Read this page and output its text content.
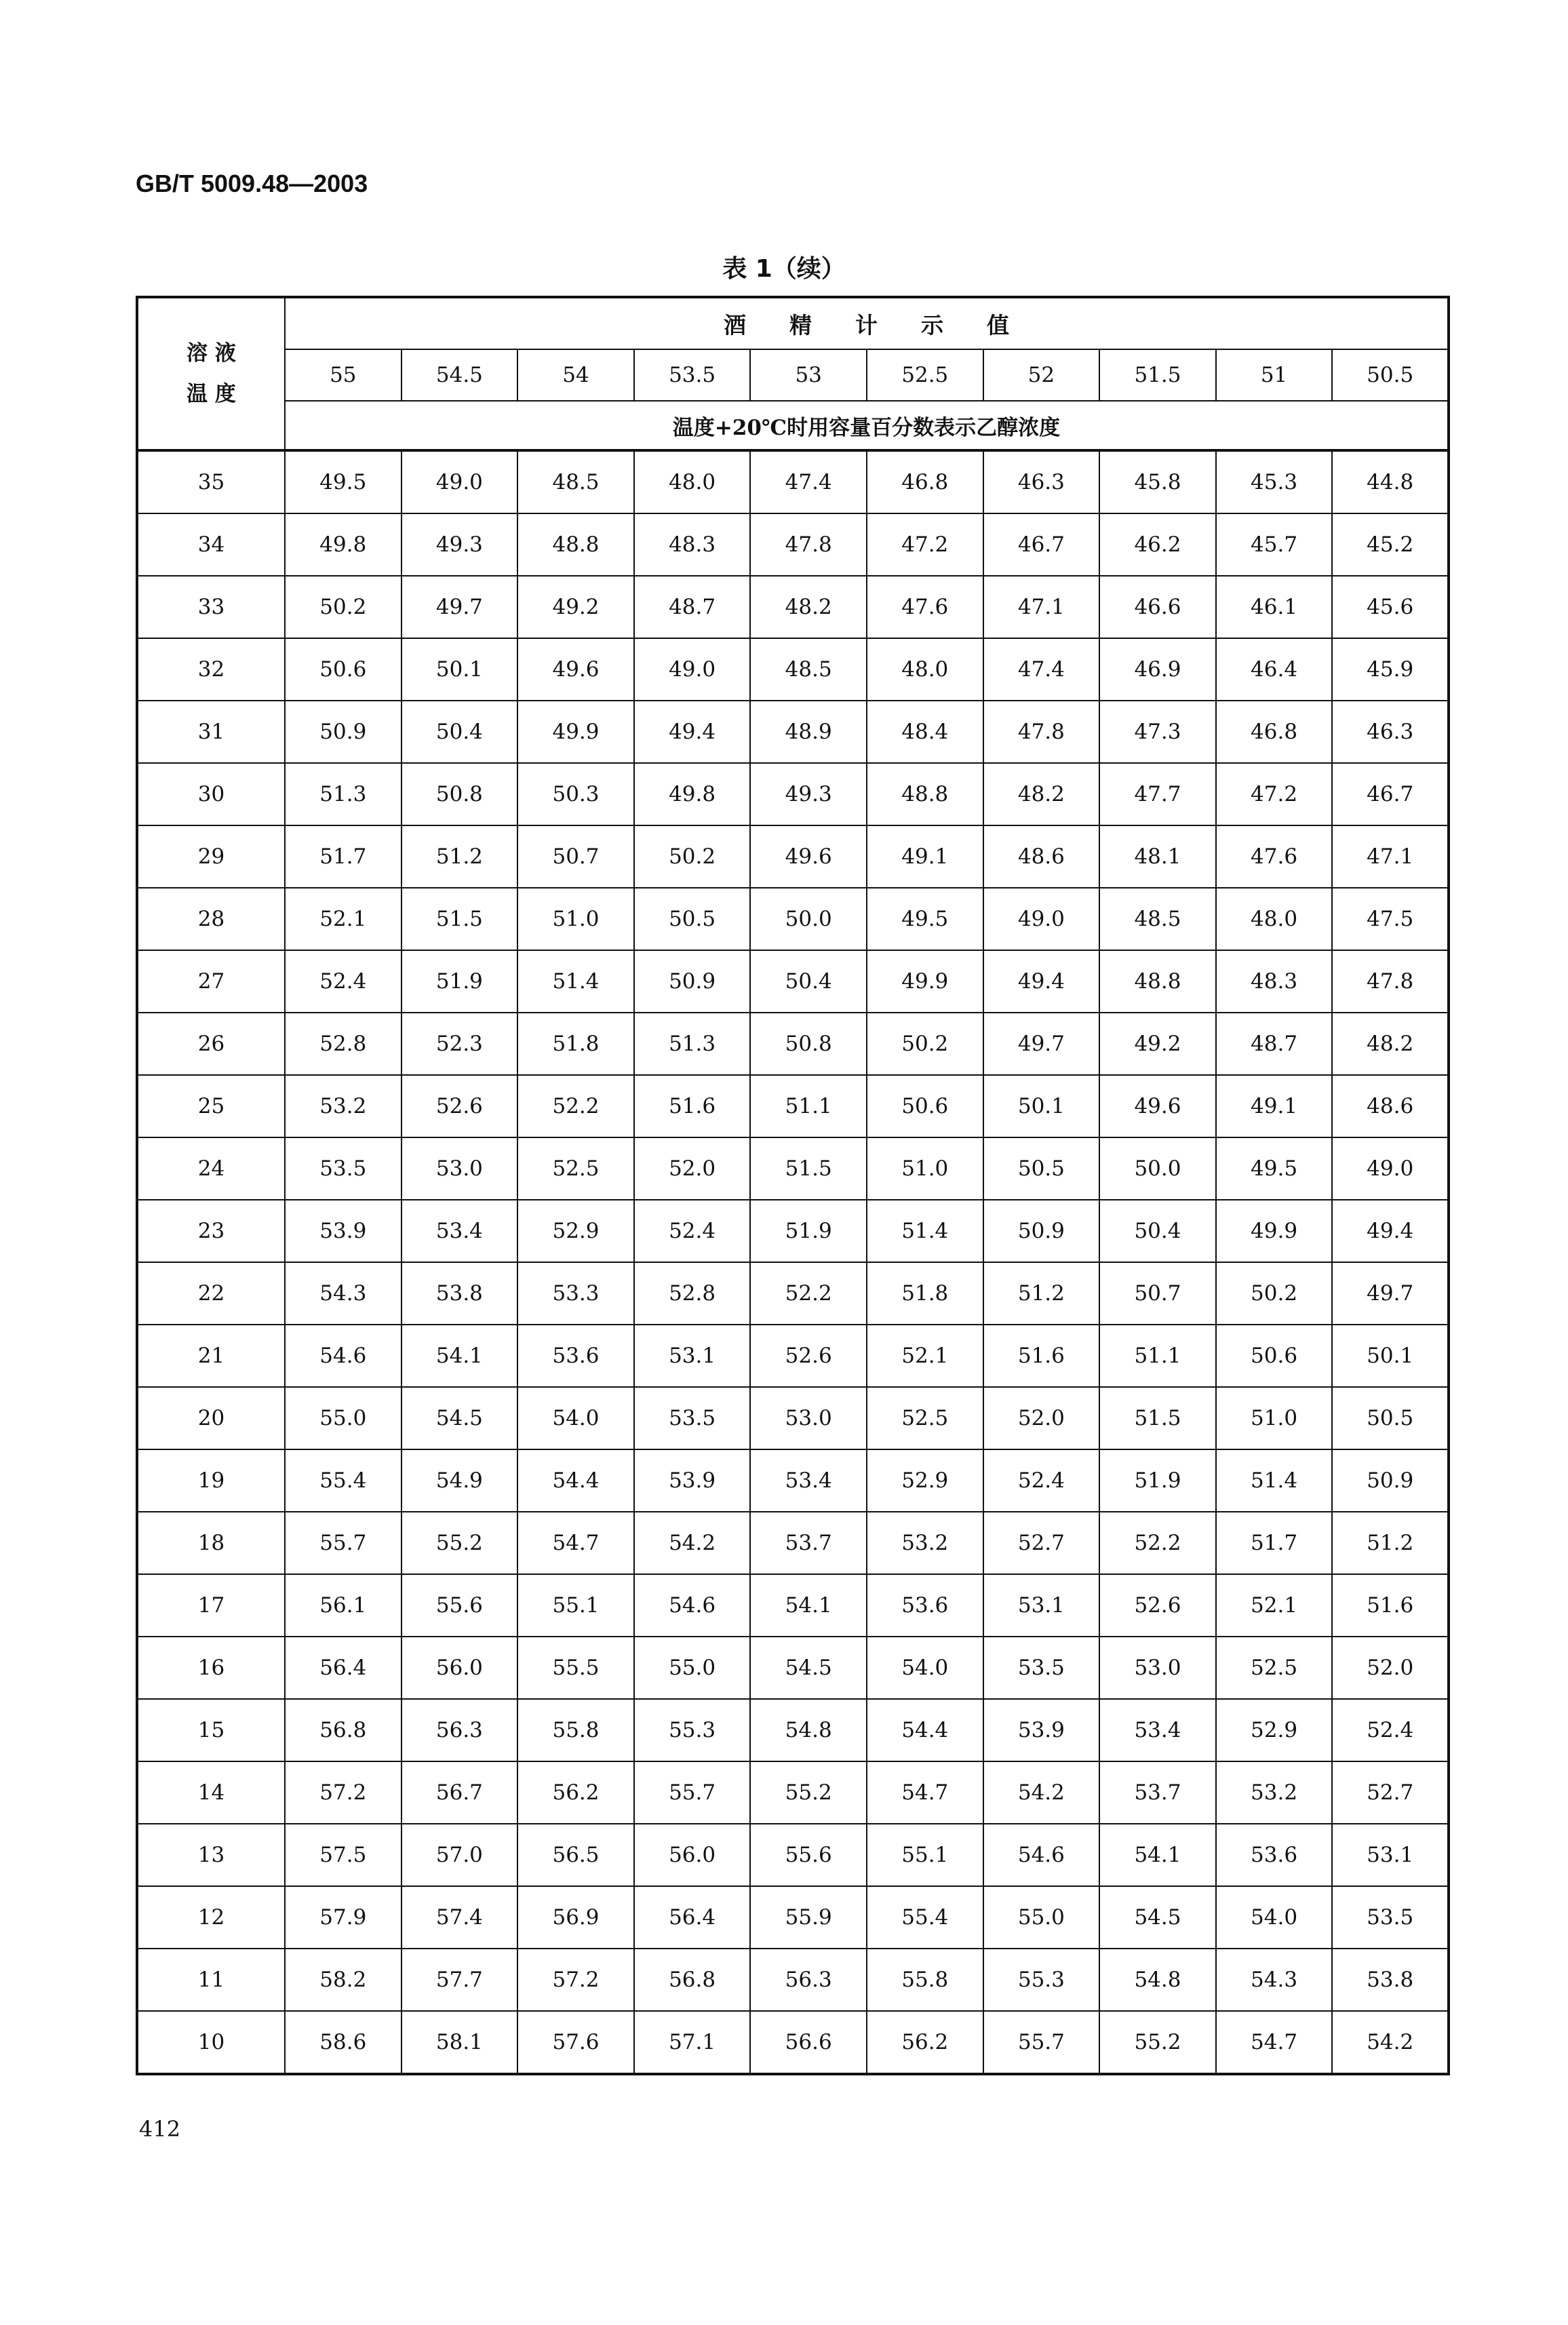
GB/T 5009.48—2003
表 1（续）
溶 液
温 度	酒精计示值									
	55	54.5	54	53.5	53	52.5	52	51.5	51	50.5
	温度+20℃时用容量百分数表示乙醇浓度									
35	49.5	49.0	48.5	48.0	47.4	46.8	46.3	45.8	45.3	44.8
34	49.8	49.3	48.8	48.3	47.8	47.2	46.7	46.2	45.7	45.2
33	50.2	49.7	49.2	48.7	48.2	47.6	47.1	46.6	46.1	45.6
32	50.6	50.1	49.6	49.0	48.5	48.0	47.4	46.9	46.4	45.9
31	50.9	50.4	49.9	49.4	48.9	48.4	47.8	47.3	46.8	46.3
30	51.3	50.8	50.3	49.8	49.3	48.8	48.2	47.7	47.2	46.7
29	51.7	51.2	50.7	50.2	49.6	49.1	48.6	48.1	47.6	47.1
28	52.1	51.5	51.0	50.5	50.0	49.5	49.0	48.5	48.0	47.5
27	52.4	51.9	51.4	50.9	50.4	49.9	49.4	48.8	48.3	47.8
26	52.8	52.3	51.8	51.3	50.8	50.2	49.7	49.2	48.7	48.2
25	53.2	52.6	52.2	51.6	51.1	50.6	50.1	49.6	49.1	48.6
24	53.5	53.0	52.5	52.0	51.5	51.0	50.5	50.0	49.5	49.0
23	53.9	53.4	52.9	52.4	51.9	51.4	50.9	50.4	49.9	49.4
22	54.3	53.8	53.3	52.8	52.2	51.8	51.2	50.7	50.2	49.7
21	54.6	54.1	53.6	53.1	52.6	52.1	51.6	51.1	50.6	50.1
20	55.0	54.5	54.0	53.5	53.0	52.5	52.0	51.5	51.0	50.5
19	55.4	54.9	54.4	53.9	53.4	52.9	52.4	51.9	51.4	50.9
18	55.7	55.2	54.7	54.2	53.7	53.2	52.7	52.2	51.7	51.2
17	56.1	55.6	55.1	54.6	54.1	53.6	53.1	52.6	52.1	51.6
16	56.4	56.0	55.5	55.0	54.5	54.0	53.5	53.0	52.5	52.0
15	56.8	56.3	55.8	55.3	54.8	54.4	53.9	53.4	52.9	52.4
14	57.2	56.7	56.2	55.7	55.2	54.7	54.2	53.7	53.2	52.7
13	57.5	57.0	56.5	56.0	55.6	55.1	54.6	54.1	53.6	53.1
12	57.9	57.4	56.9	56.4	55.9	55.4	55.0	54.5	54.0	53.5
11	58.2	57.7	57.2	56.8	56.3	55.8	55.3	54.8	54.3	53.8
10	58.6	58.1	57.6	57.1	56.6	56.2	55.7	55.2	54.7	54.2
412
